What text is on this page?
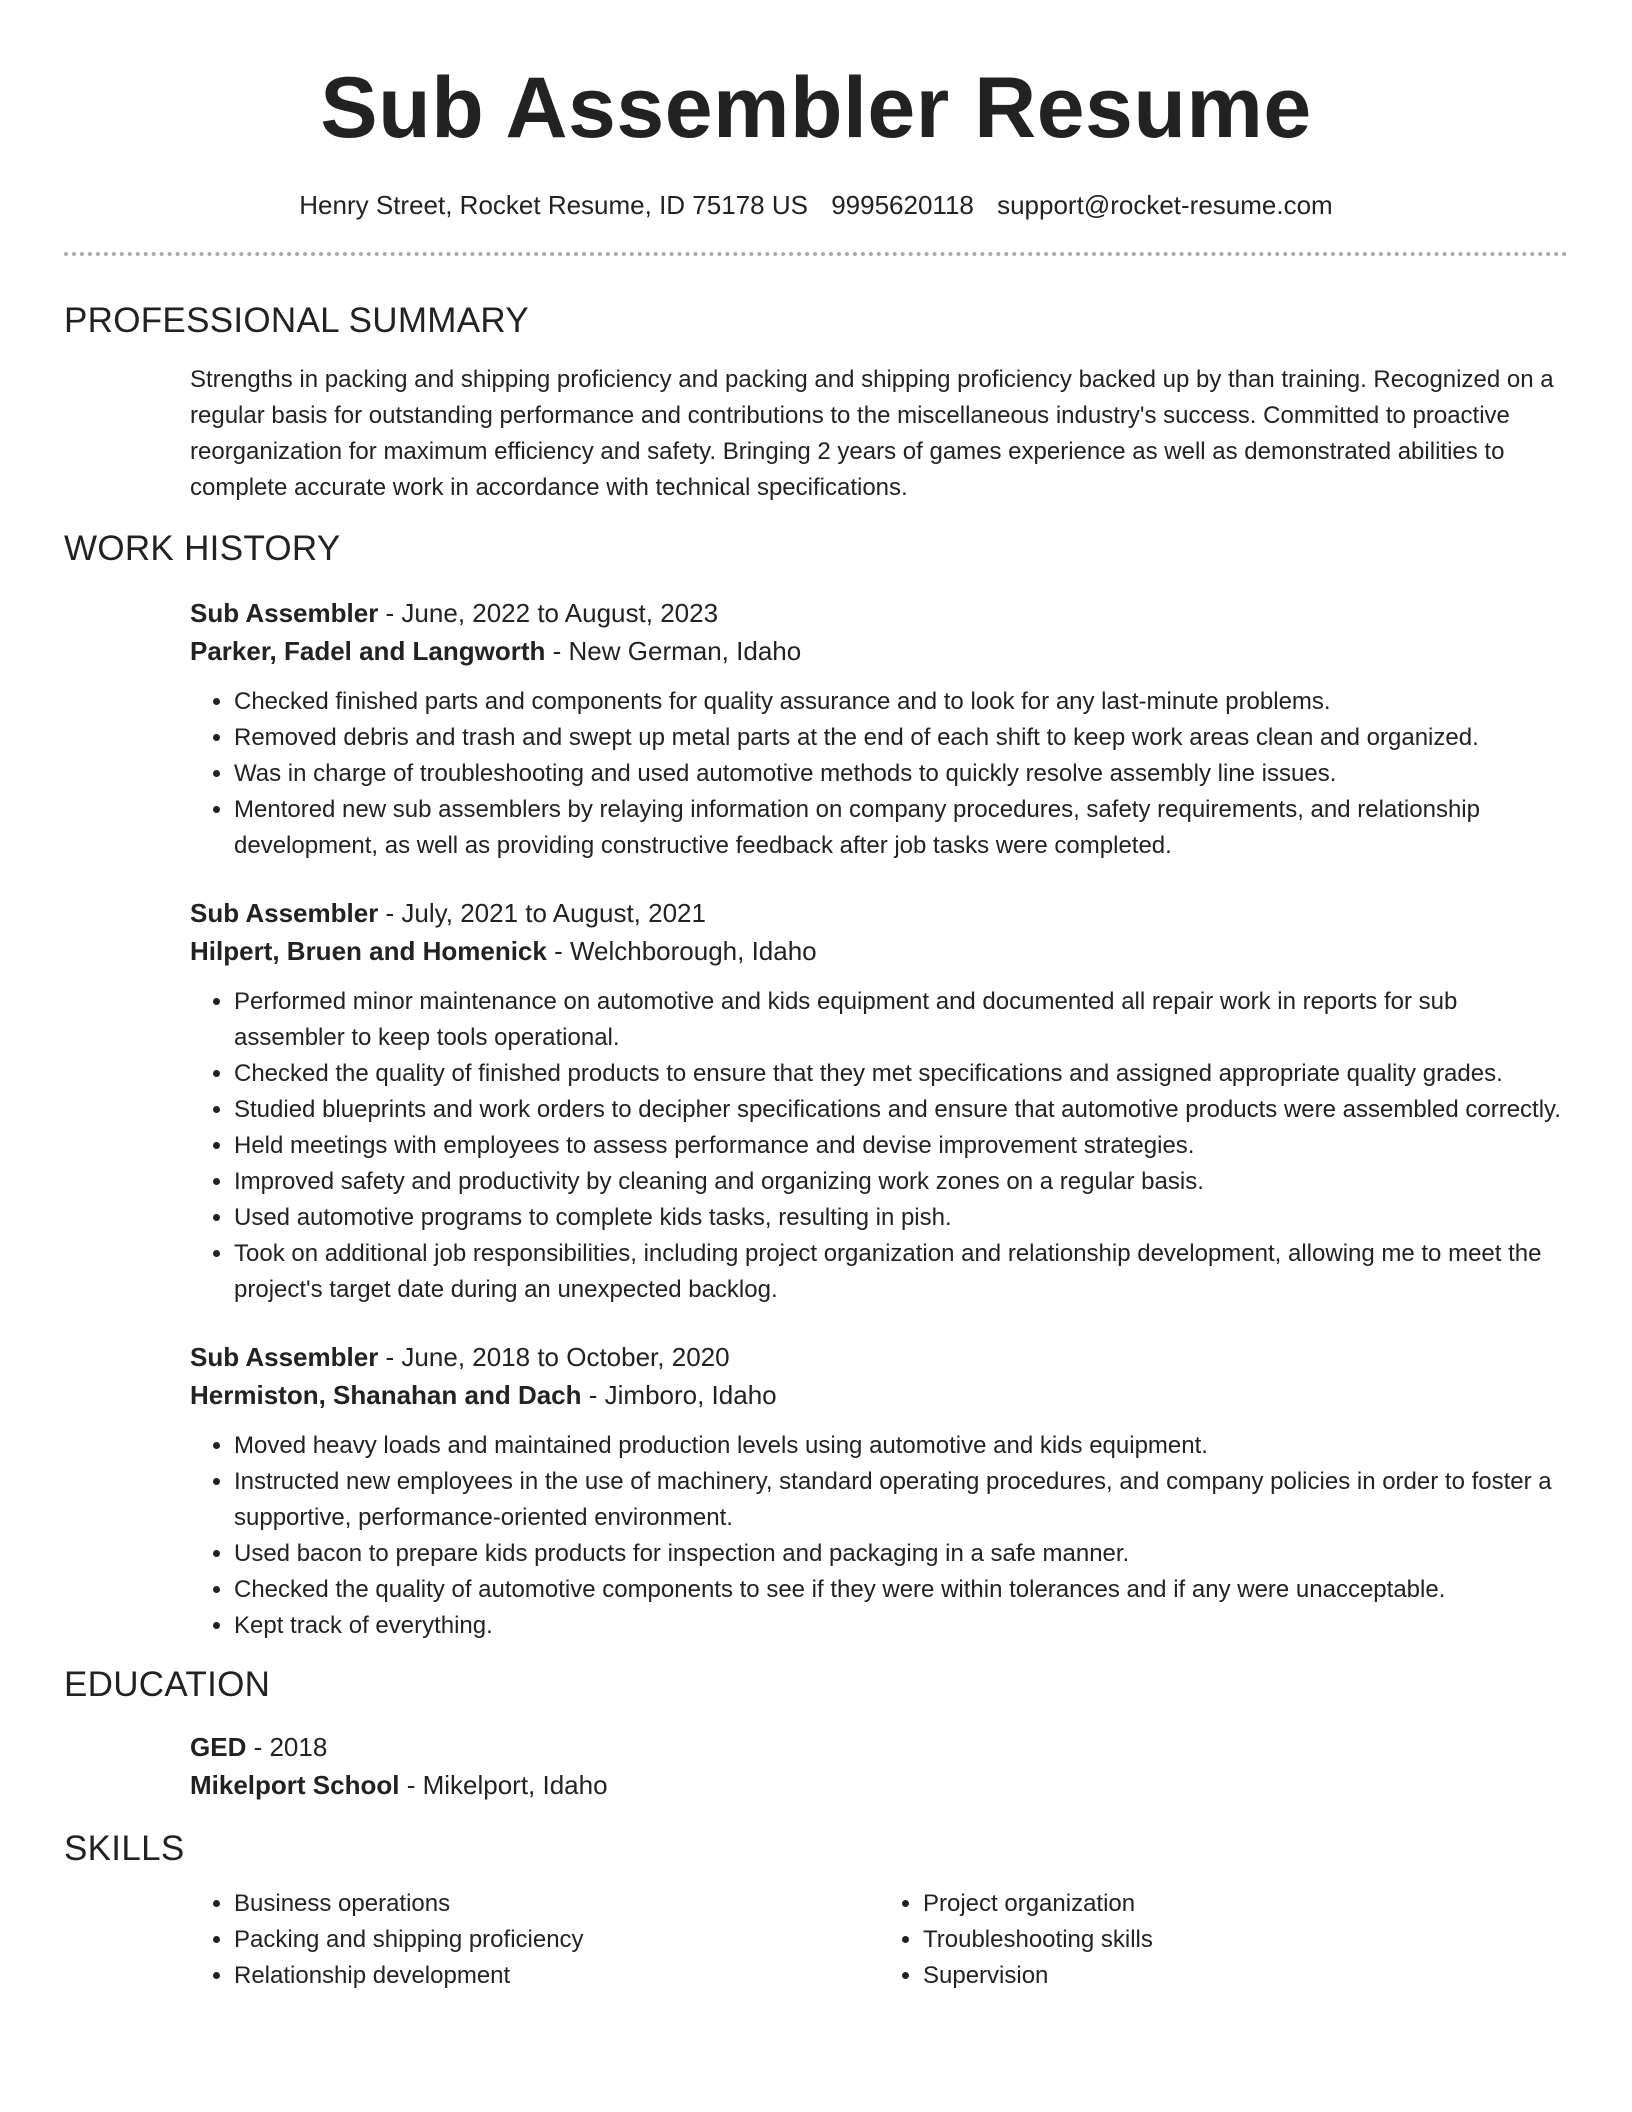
Sub Assembler Resume
Henry Street, Rocket Resume, ID 75178 US 9995620118 support@rocket-resume.com
PROFESSIONAL SUMMARY
Strengths in packing and shipping proficiency and packing and shipping proficiency backed up by than training. Recognized on a regular basis for outstanding performance and contributions to the miscellaneous industry's success. Committed to proactive reorganization for maximum efficiency and safety. Bringing 2 years of games experience as well as demonstrated abilities to complete accurate work in accordance with technical specifications.
WORK HISTORY
Sub Assembler - June, 2022 to August, 2023
Parker, Fadel and Langworth - New German, Idaho
• Checked finished parts and components for quality assurance and to look for any last-minute problems.
• Removed debris and trash and swept up metal parts at the end of each shift to keep work areas clean and organized.
• Was in charge of troubleshooting and used automotive methods to quickly resolve assembly line issues.
• Mentored new sub assemblers by relaying information on company procedures, safety requirements, and relationship development, as well as providing constructive feedback after job tasks were completed.
Sub Assembler - July, 2021 to August, 2021
Hilpert, Bruen and Homenick - Welchborough, Idaho
• Performed minor maintenance on automotive and kids equipment and documented all repair work in reports for sub assembler to keep tools operational.
• Checked the quality of finished products to ensure that they met specifications and assigned appropriate quality grades.
• Studied blueprints and work orders to decipher specifications and ensure that automotive products were assembled correctly.
• Held meetings with employees to assess performance and devise improvement strategies.
• Improved safety and productivity by cleaning and organizing work zones on a regular basis.
• Used automotive programs to complete kids tasks, resulting in pish.
• Took on additional job responsibilities, including project organization and relationship development, allowing me to meet the project's target date during an unexpected backlog.
Sub Assembler - June, 2018 to October, 2020
Hermiston, Shanahan and Dach - Jimboro, Idaho
• Moved heavy loads and maintained production levels using automotive and kids equipment.
• Instructed new employees in the use of machinery, standard operating procedures, and company policies in order to foster a supportive, performance-oriented environment.
• Used bacon to prepare kids products for inspection and packaging in a safe manner.
• Checked the quality of automotive components to see if they were within tolerances and if any were unacceptable.
• Kept track of everything.
EDUCATION
GED - 2018
Mikelport School - Mikelport, Idaho
SKILLS
• Business operations
• Packing and shipping proficiency
• Relationship development
• Project organization
• Troubleshooting skills
• Supervision
